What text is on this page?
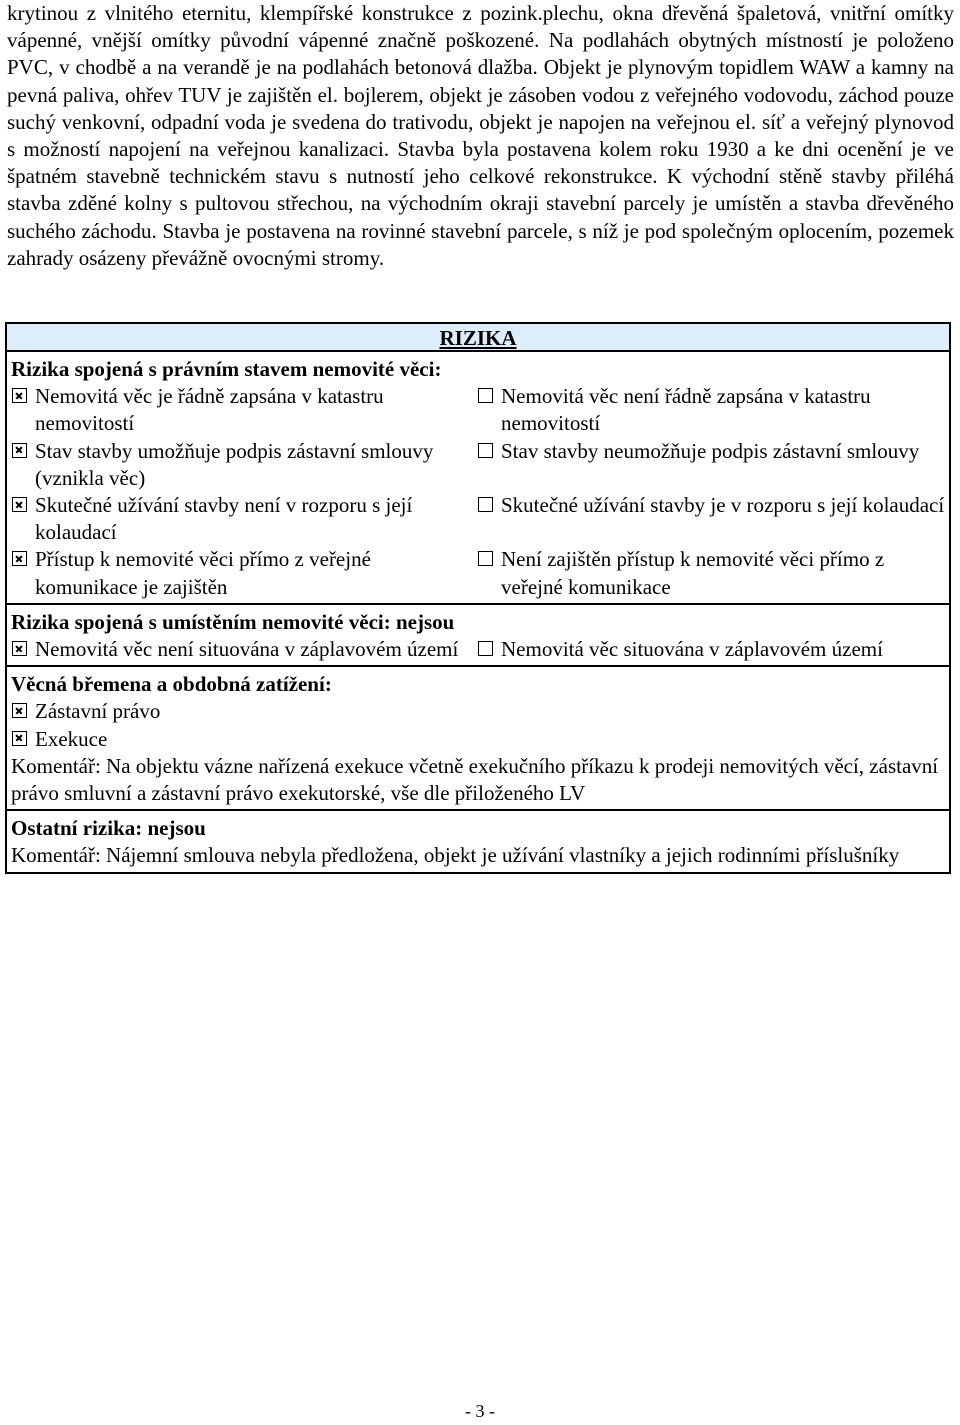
krytinou z vlnitého eternitu, klempířské konstrukce z pozink.plechu, okna dřevěná špaletová, vnitřní omítky vápenné, vnější omítky původní vápenné značně poškozené. Na podlahách obytných místností je položeno PVC, v chodbě a na verandě je na podlahách betonová dlažba. Objekt je plynovým topidlem WAW a kamny na pevná paliva, ohřev TUV je zajištěn el. bojlerem, objekt je zásoben vodou z veřejného vodovodu, záchod pouze suchý venkovní, odpadní voda je svedena do trativodu, objekt je napojen na veřejnou el. síť a veřejný plynovod s možností napojení na veřejnou kanalizaci. Stavba byla postavena kolem roku 1930 a ke dni ocenění je ve špatném stavebně technickém stavu s nutností jeho celkové rekonstrukce. K východní stěně stavby přiléhá stavba zděné kolny s pultovou střechou, na východním okraji stavební parcely je umístěn a stavba dřevěného suchého záchodu. Stavba je postavena na rovinné stavební parcele, s níž je pod společným oplocením, pozemek zahrady osázeny převážně ovocnými stromy.

RIZIKA

Rizika spojená s právním stavem nemovité věci:

Nemovitá věc je řádně zapsána v katastru nemovitostí
Nemovitá věc není řádně zapsána v katastru nemovitostí
Stav stavby umožňuje podpis zástavní smlouvy (vznikla věc)
Stav stavby neumožňuje podpis zástavní smlouvy
Skutečné užívání stavby není v rozporu s její kolaudací
Skutečné užívání stavby je v rozporu s její kolaudací
Přístup k nemovité věci přímo z veřejné komunikace je zajištěn
Není zajištěn přístup k nemovité věci přímo z veřejné komunikace

Rizika spojená s umístěním nemovité věci: nejsou

Nemovitá věc není situována v záplavovém území	Nemovitá věc situována v záplavovém území

Věcná břemena a obdobná zatížení:

Zástavní právo
Exekuce

Komentář: Na objektu vázne nařízená exekuce včetně exekučního příkazu k prodeji nemovitých věcí, zástavní právo smluvní a zástavní právo exekutorské, vše dle přiloženého LV

Ostatní rizika: nejsou

Komentář: Nájemní smlouva nebyla předložena, objekt je užívání vlastníky a jejich rodinními příslušníky

- 3 -
